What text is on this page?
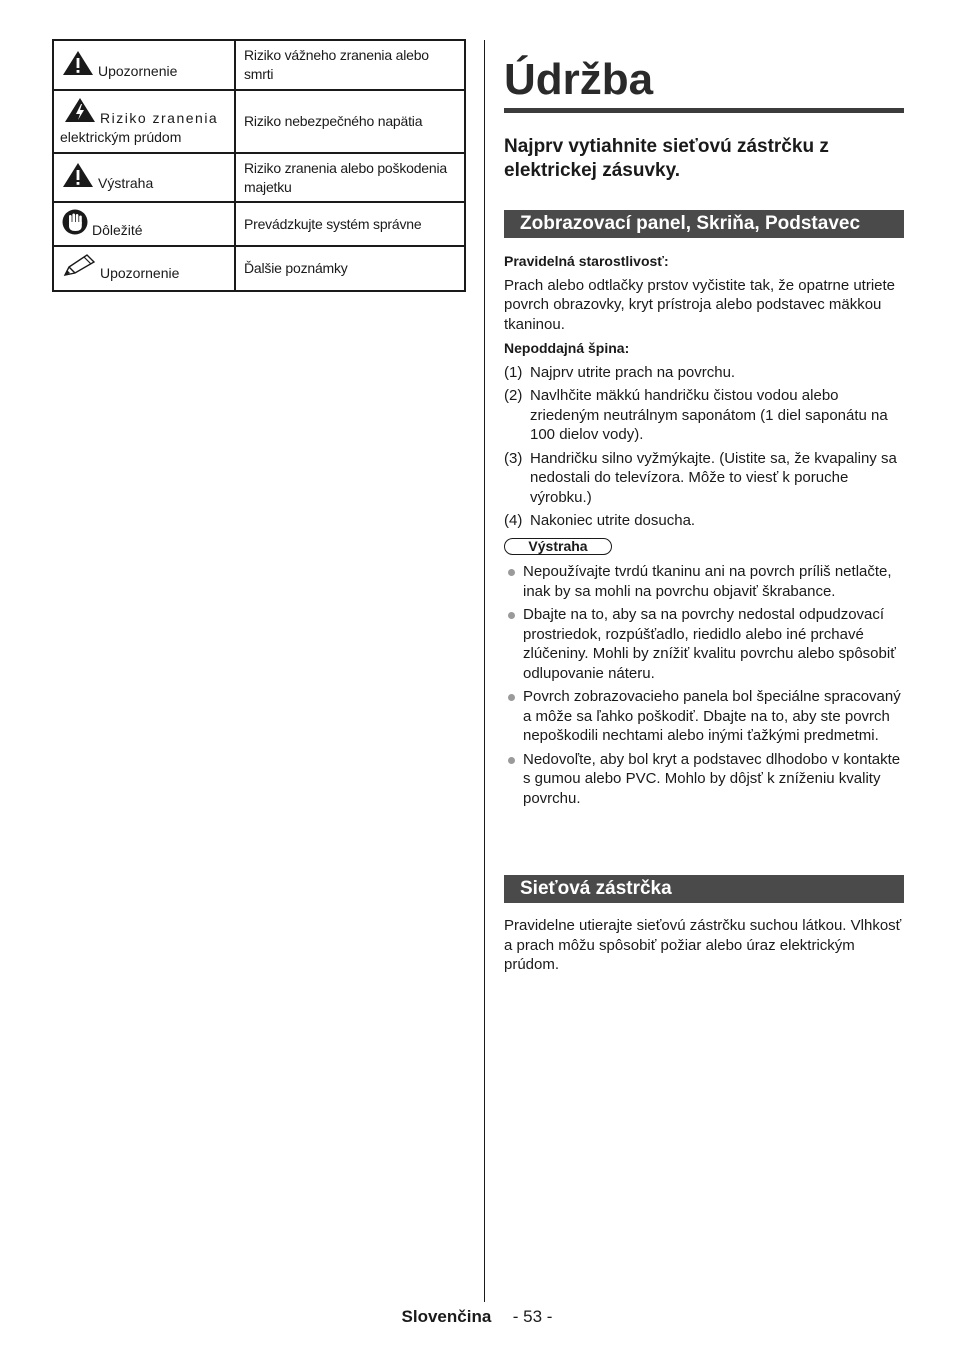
Upozornenie	Riziko vážneho zranenia alebo smrti

Riziko zranenia
elektrickým prúdom	Riziko nebezpečného napätia
Výstraha	Riziko zranenia alebo poškodenia majetku
Dôležité	Prevádzkujte systém správne
Upozornenie	Ďalšie poznámky
Údržba

Najprv vytiahnite sieťovú zástrčku z elektrickej zásuvky.

Zobrazovací panel, Skriňa, Podstavec

Pravidelná starostlivosť:

Prach alebo odtlačky prstov vyčistite tak, že opatrne utriete povrch obrazovky, kryt prístroja alebo podstavec mäkkou tkaninou.

Nepoddajná špina:

(1) Najprv utrite prach na povrchu.
(2) Navlhčite mäkkú handričku čistou vodou alebo zriedeným neutrálnym saponátom (1 diel saponátu na 100 dielov vody).
(3) Handričku silno vyžmýkajte. (Uistite sa, že kvapaliny sa nedostali do televízora. Môže to viesť k poruche výrobku.)
(4) Nakoniec utrite dosucha.
Výstraha
Nepoužívajte tvrdú tkaninu ani na povrch príliš netlačte, inak by sa mohli na povrchu objaviť škrabance.
Dbajte na to, aby sa na povrchy nedostal odpudzovací prostriedok, rozpúšťadlo, riedidlo alebo iné prchavé zlúčeniny. Mohli by znížiť kvalitu povrchu alebo spôsobiť odlupovanie náteru.
Povrch zobrazovacieho panela bol špeciálne spracovaný a môže sa ľahko poškodiť. Dbajte na to, aby ste povrch nepoškodili nechtami alebo inými ťažkými predmetmi.
Nedovoľte, aby bol kryt a podstavec dlhodobo v kontakte s gumou alebo PVC. Mohlo by dôjsť k zníženiu kvality povrchu.
Sieťová zástrčka

Pravidelne utierajte sieťovú zástrčku suchou látkou. Vlhkosť a prach môžu spôsobiť požiar alebo úraz elektrickým prúdom.

Slovenčina - 53 -
